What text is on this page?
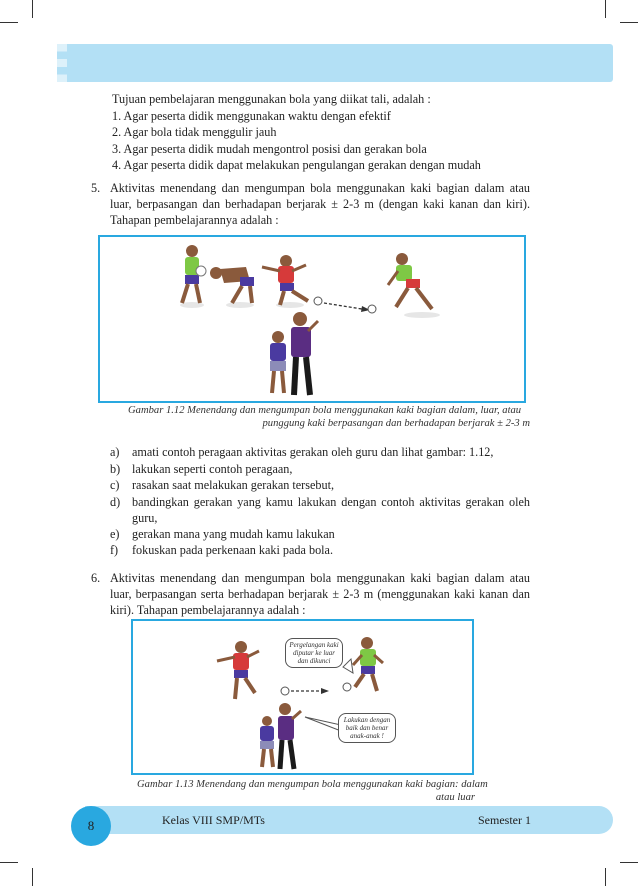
Tujuan pembelajaran menggunakan bola yang diikat tali, adalah :
1. Agar peserta didik menggunakan waktu dengan efektif
2. Agar bola tidak menggulir jauh
3. Agar peserta didik mudah mengontrol posisi dan gerakan bola
4. Agar peserta didik dapat melakukan pengulangan gerakan dengan mudah
5. Aktivitas menendang dan mengumpan bola menggunakan kaki bagian dalam atau luar, berpasangan dan berhadapan berjarak ± 2-3 m (dengan kaki kanan dan kiri). Tahapan pembelajarannya adalah :
Gambar 1.12 Menendang dan mengumpan bola menggunakan kaki bagian dalam, luar, atau
punggung kaki berpasangan dan berhadapan berjarak ± 2-3 m
a) amati contoh peragaan aktivitas gerakan oleh guru dan lihat gambar: 1.12,
b) lakukan seperti contoh peragaan,
c) rasakan saat melakukan gerakan tersebut,
d) bandingkan gerakan yang kamu lakukan dengan contoh aktivitas gerakan oleh guru,
e) gerakan mana yang mudah kamu lakukan
f) fokuskan pada perkenaan kaki pada bola.
6. Aktivitas menendang dan mengumpan bola menggunakan kaki bagian dalam atau luar, berpasangan serta berhadapan berjarak ± 2-3 m (menggunakan kaki kanan dan kiri). Tahapan pembelajarannya adalah :
Pergelangan kaki diputar ke luar dan dikunci
Lakukan dengan baik dan benar anak-anak !
Gambar 1.13 Menendang dan mengumpan bola menggunakan kaki bagian: dalam
atau luar
8	Kelas VIII SMP/MTs	Semester 1
